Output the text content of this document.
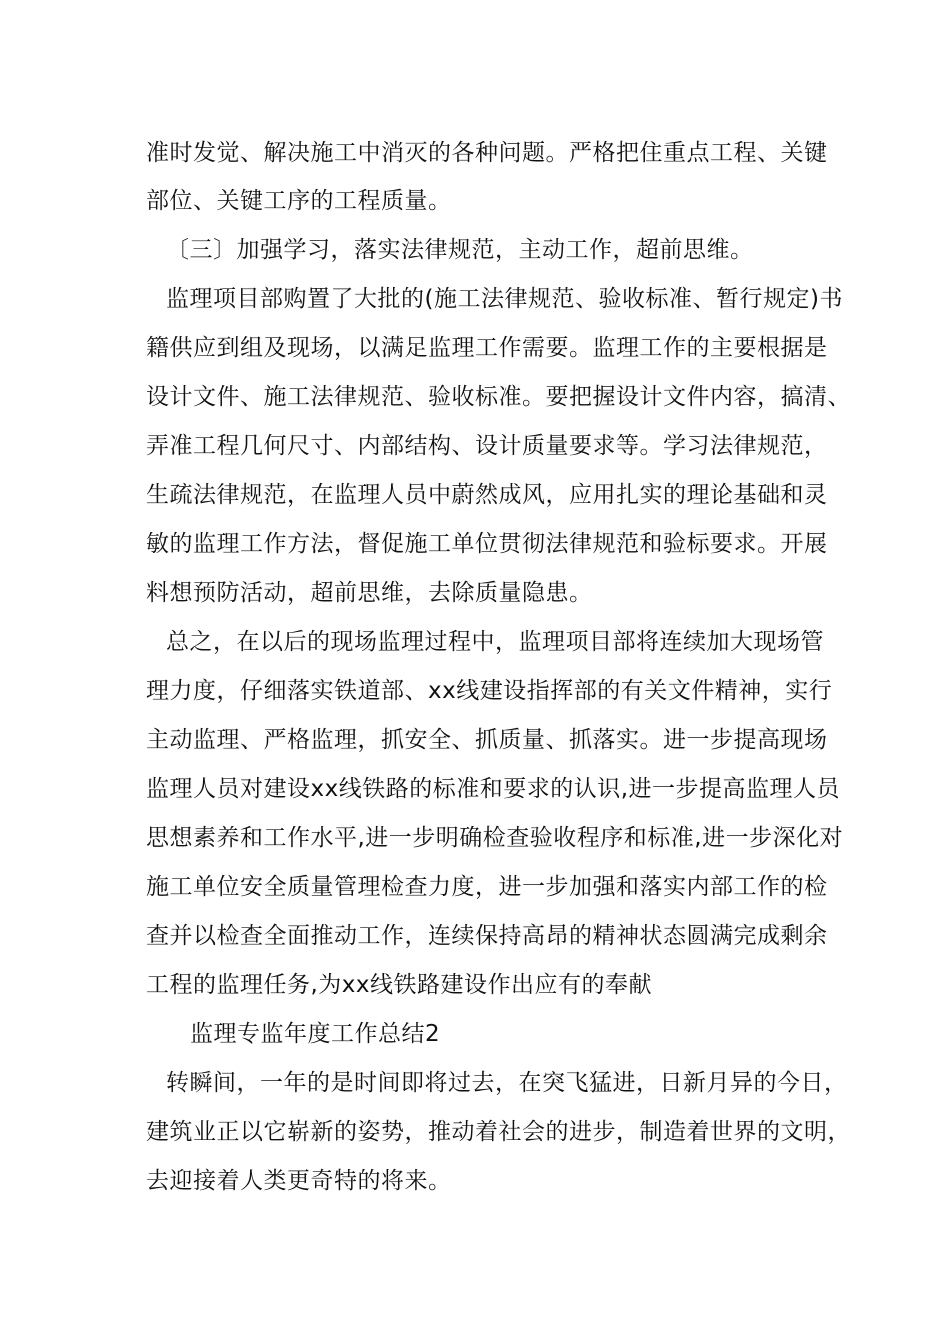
准时发觉、解决施工中消灭的各种问题。严格把住重点工程、关键
部位、关键工序的工程质量。
〔三〕加强学习，落实法律规范，主动工作，超前思维。
监理项目部购置了大批的(施工法律规范、验收标准、暂行规定)书
籍供应到组及现场，以满足监理工作需要。监理工作的主要根据是
设计文件、施工法律规范、验收标准。要把握设计文件内容，搞清、
弄准工程几何尺寸、内部结构、设计质量要求等。学习法律规范，
生疏法律规范，在监理人员中蔚然成风，应用扎实的理论基础和灵
敏的监理工作方法，督促施工单位贯彻法律规范和验标要求。开展
料想预防活动，超前思维，去除质量隐患。
总之，在以后的现场监理过程中，监理项目部将连续加大现场管
理力度，仔细落实铁道部、xx线建设指挥部的有关文件精神，实行
主动监理、严格监理，抓安全、抓质量、抓落实。进一步提高现场
监理人员对建设xx线铁路的标准和要求的认识,进一步提高监理人员
思想素养和工作水平,进一步明确检查验收程序和标准,进一步深化对
施工单位安全质量管理检查力度，进一步加强和落实内部工作的检
查并以检查全面推动工作，连续保持高昂的精神状态圆满完成剩余
工程的监理任务,为xx线铁路建设作出应有的奉献
监理专监年度工作总结2
转瞬间，一年的是时间即将过去，在突飞猛进，日新月异的今日，
建筑业正以它崭新的姿势，推动着社会的进步，制造着世界的文明，
去迎接着人类更奇特的将来。
